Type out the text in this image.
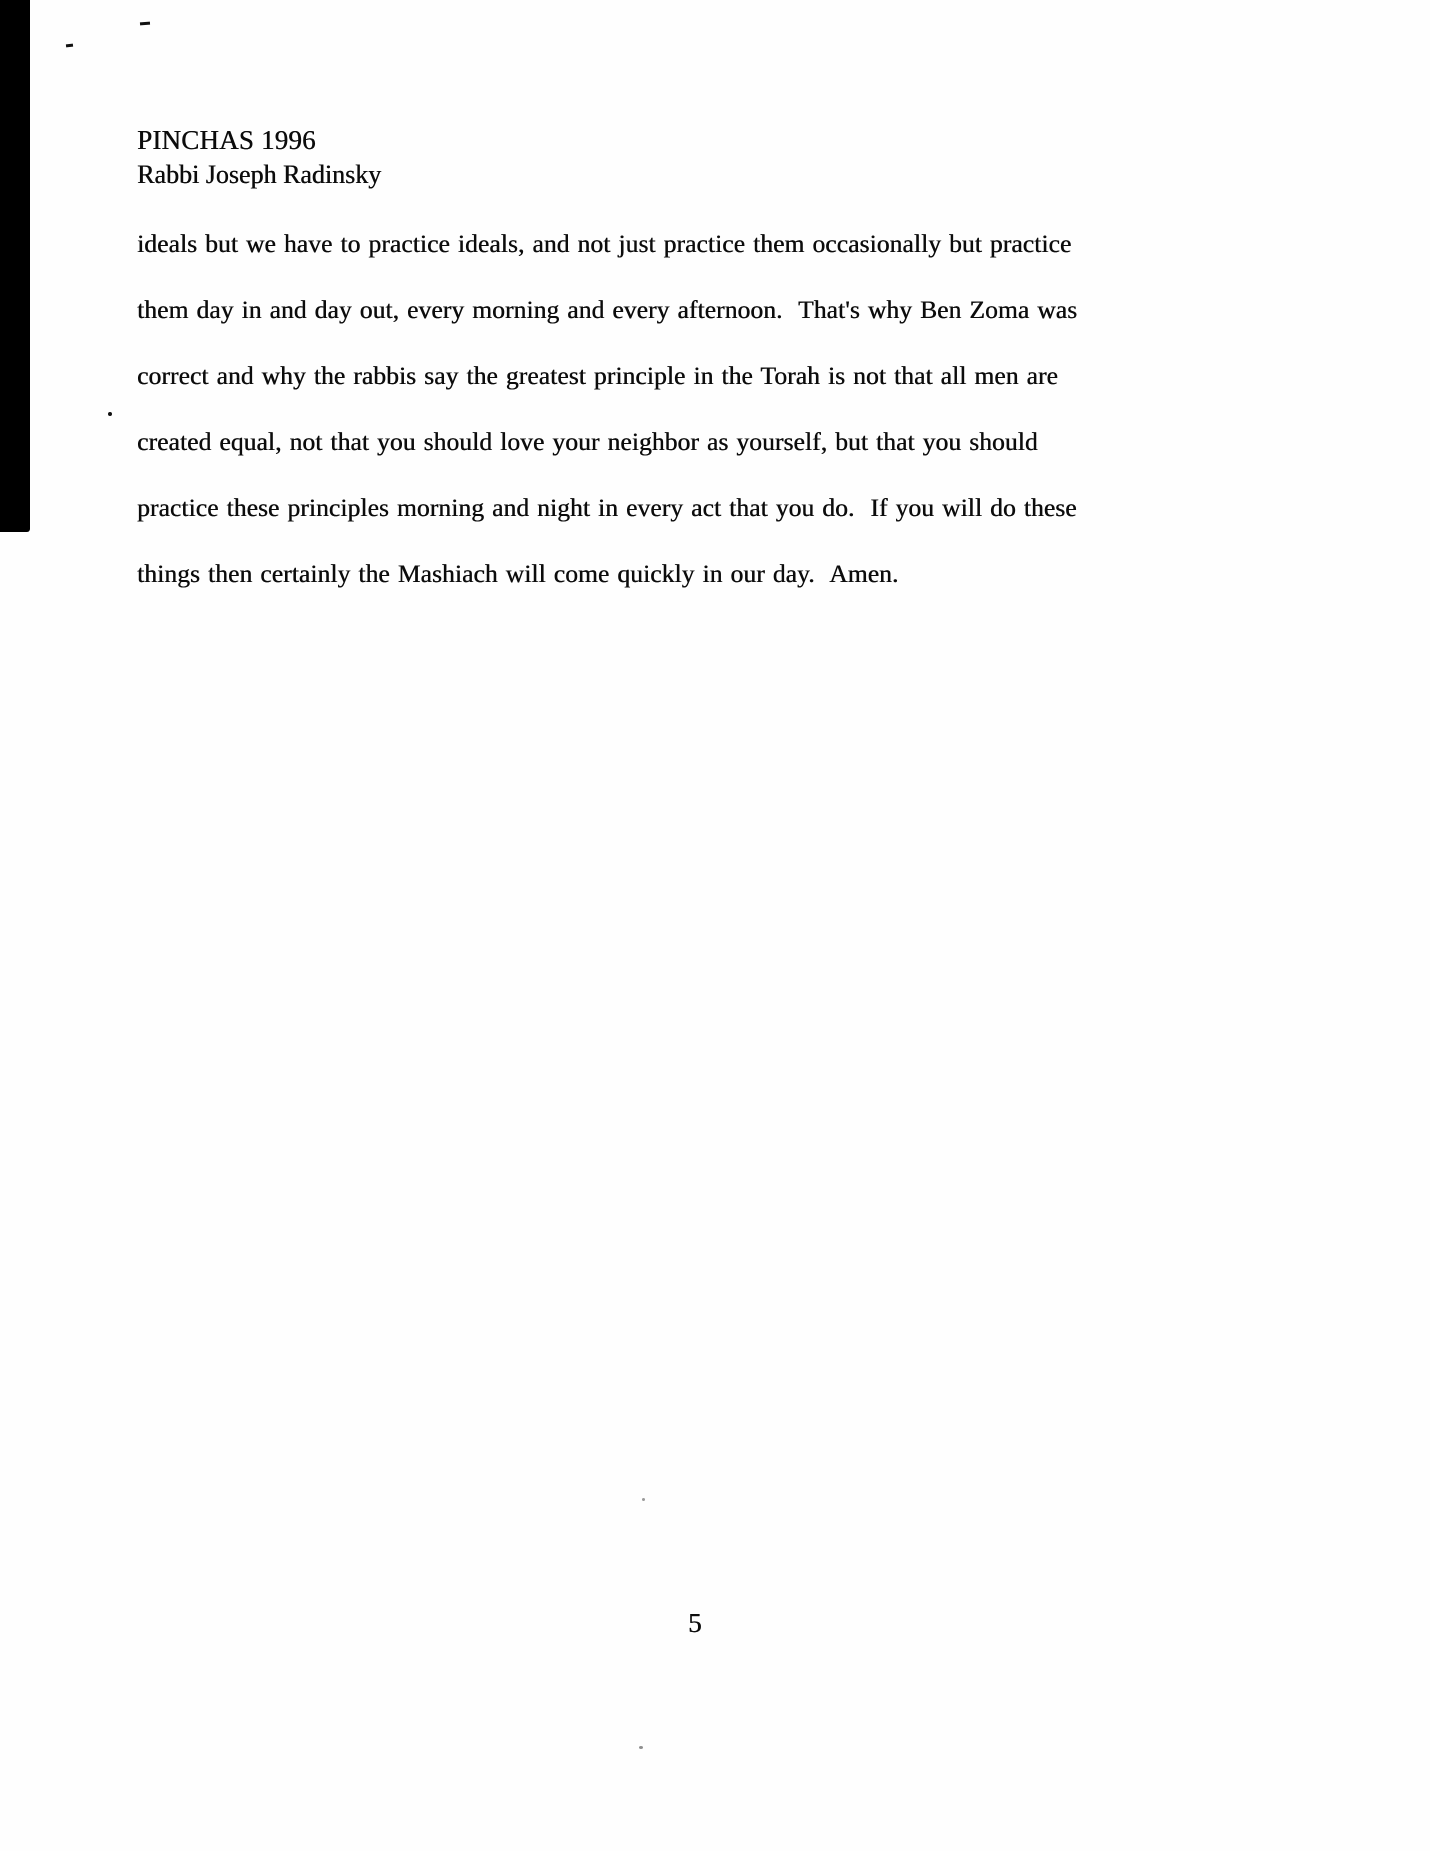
PINCHAS 1996
Rabbi Joseph Radinsky

ideals but we have to practice ideals, and not just practice them occasionally but practice

them day in and day out, every morning and every afternoon.  That's why Ben Zoma was

correct and why the rabbis say the greatest principle in the Torah is not that all men are

created equal, not that you should love your neighbor as yourself, but that you should

practice these principles morning and night in every act that you do.  If you will do these

things then certainly the Mashiach will come quickly in our day.  Amen.

5
